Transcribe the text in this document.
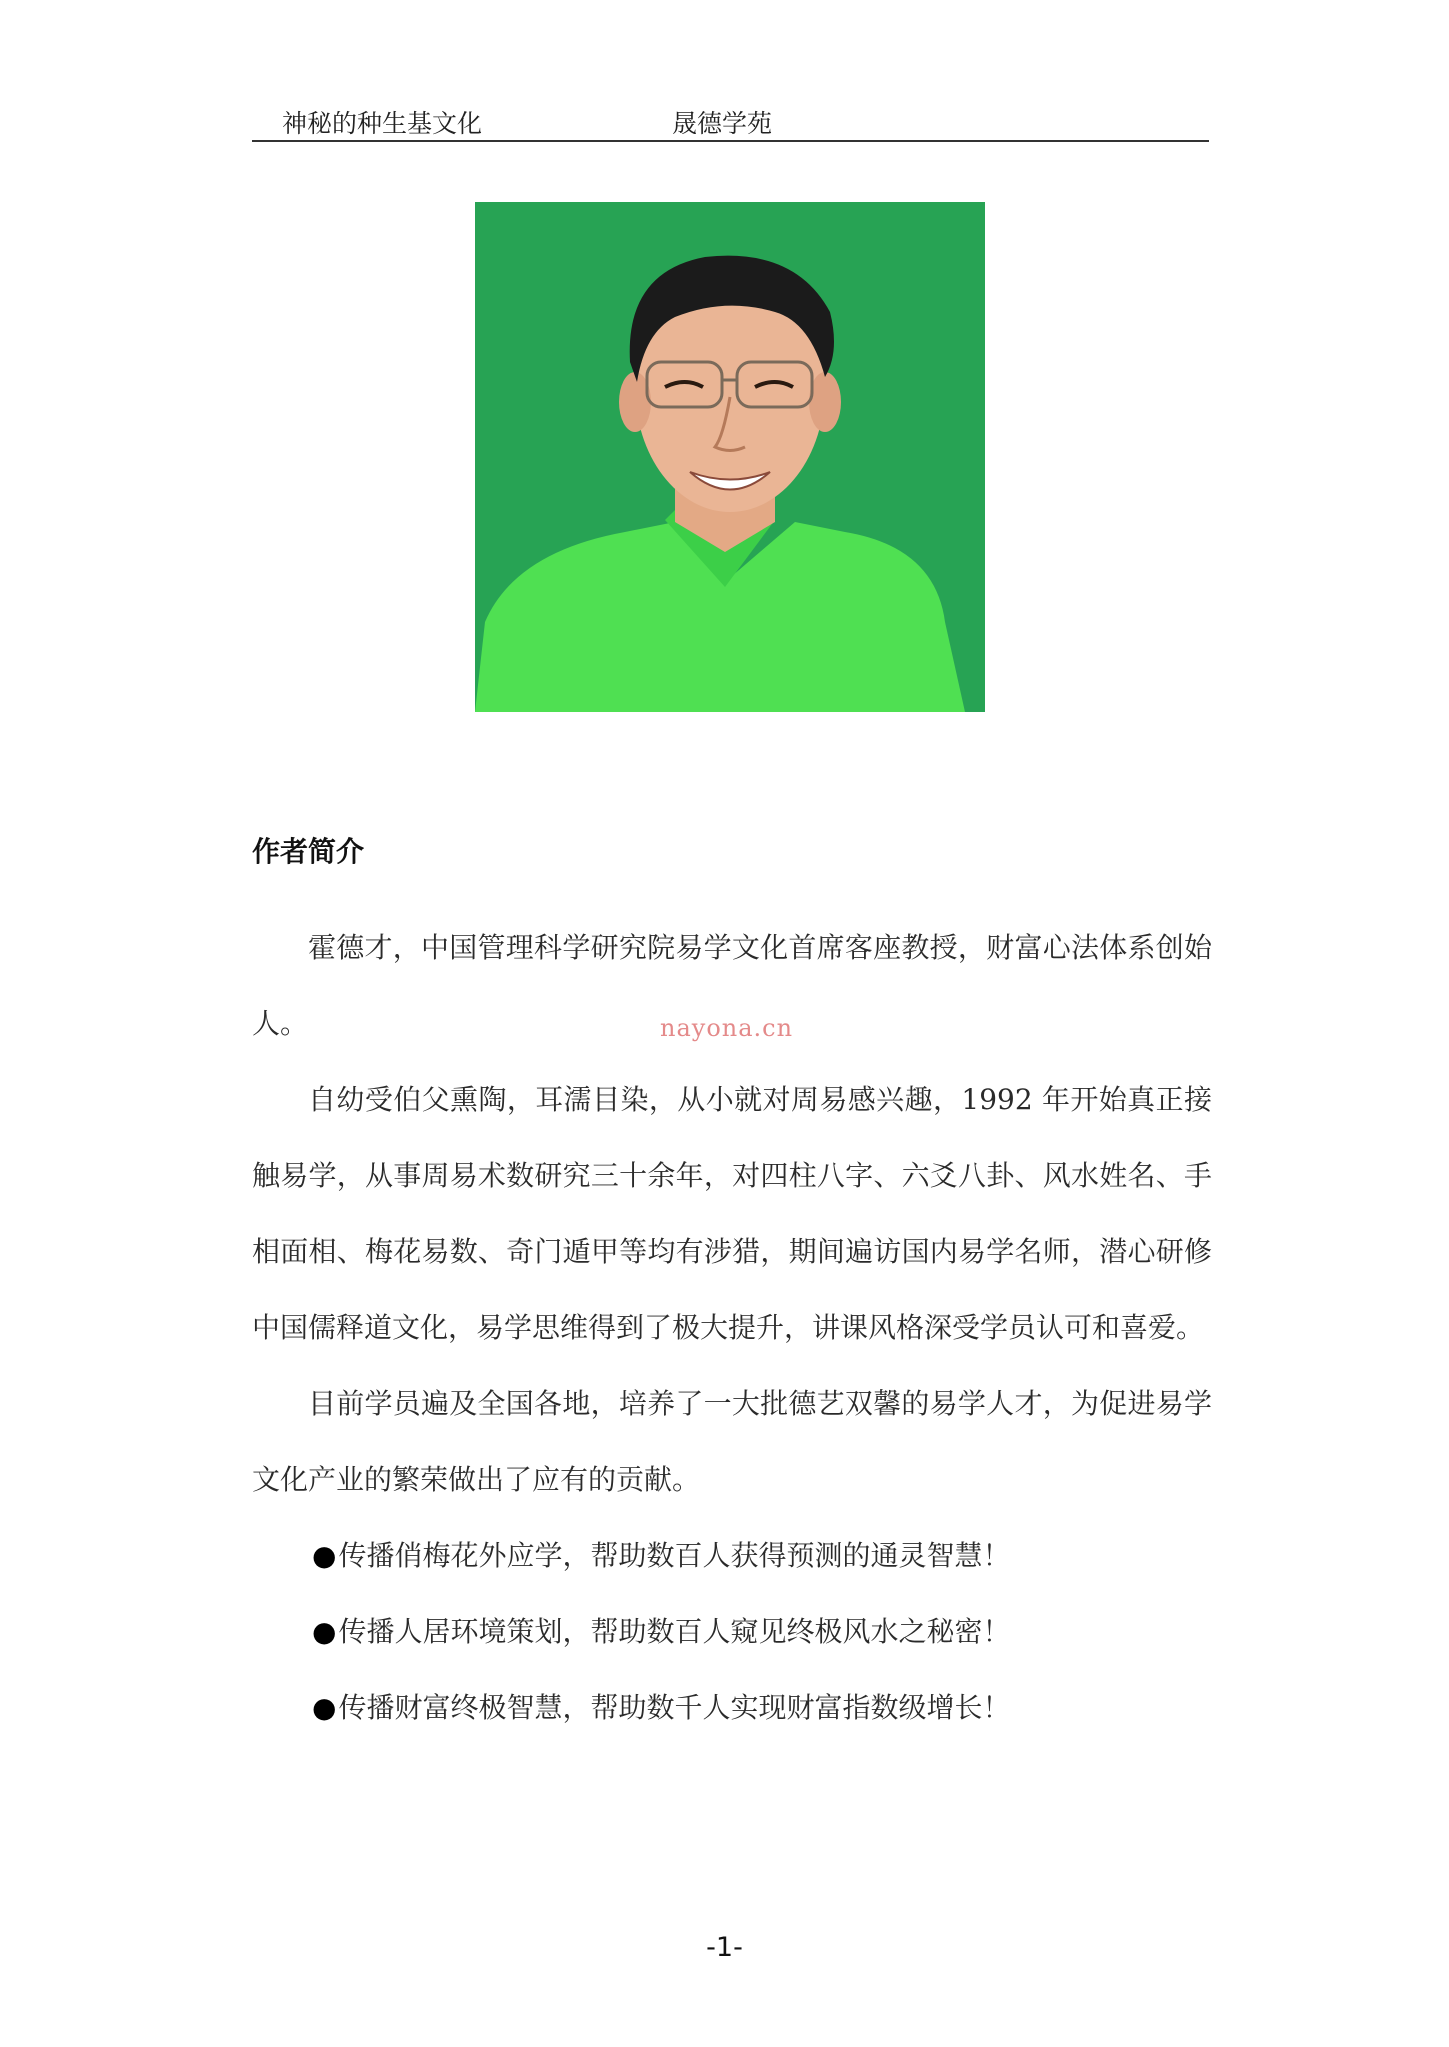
神秘的种生基文化	晟德学苑
作者简介
nayona.cn

霍德才，中国管理科学研究院易学文化首席客座教授，财富心法体系创始人。

自幼受伯父熏陶，耳濡目染，从小就对周易感兴趣，1992 年开始真正接触易学，从事周易术数研究三十余年，对四柱八字、六爻八卦、风水姓名、手相面相、梅花易数、奇门遁甲等均有涉猎，期间遍访国内易学名师，潜心研修中国儒释道文化，易学思维得到了极大提升，讲课风格深受学员认可和喜爱。

目前学员遍及全国各地，培养了一大批德艺双馨的易学人才，为促进易学文化产业的繁荣做出了应有的贡献。

●传播俏梅花外应学，帮助数百人获得预测的通灵智慧！

●传播人居环境策划，帮助数百人窥见终极风水之秘密！

●传播财富终极智慧，帮助数千人实现财富指数级增长！

-1-
